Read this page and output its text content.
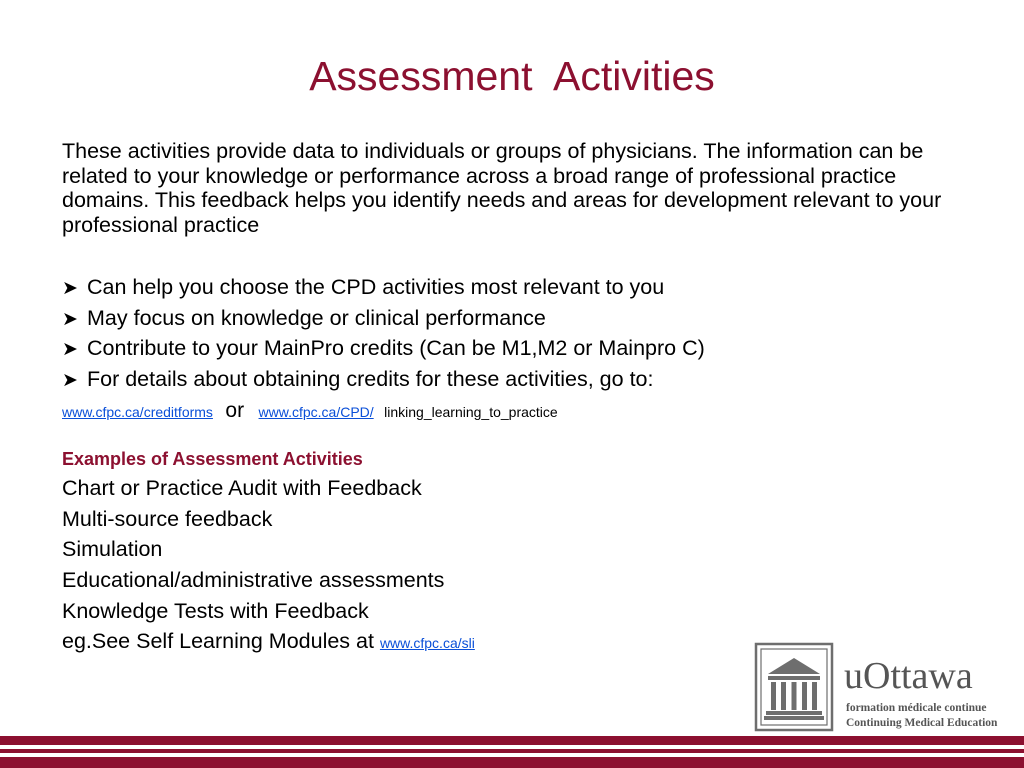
Assessment  Activities
These activities provide data to individuals or groups of physicians. The information can be related to your knowledge or performance across a broad range of professional practice domains. This feedback helps you identify needs and areas for development relevant to your professional practice
➤ Can help you choose the CPD activities most relevant to you
➤ May focus on knowledge or clinical performance
➤ Contribute to your MainPro credits (Can be M1,M2 or Mainpro C)
➤ For details about obtaining credits for these activities, go to:
www.cfpc.ca/creditforms or www.cfpc.ca/CPD/ linking_learning_to_practice
Examples of Assessment Activities
Chart or Practice Audit with Feedback
Multi-source feedback
Simulation
Educational/administrative assessments
Knowledge Tests with Feedback
eg.See Self Learning Modules at www.cfpc.ca/sli
uOttawa
formation médicale continue
Continuing Medical Education
